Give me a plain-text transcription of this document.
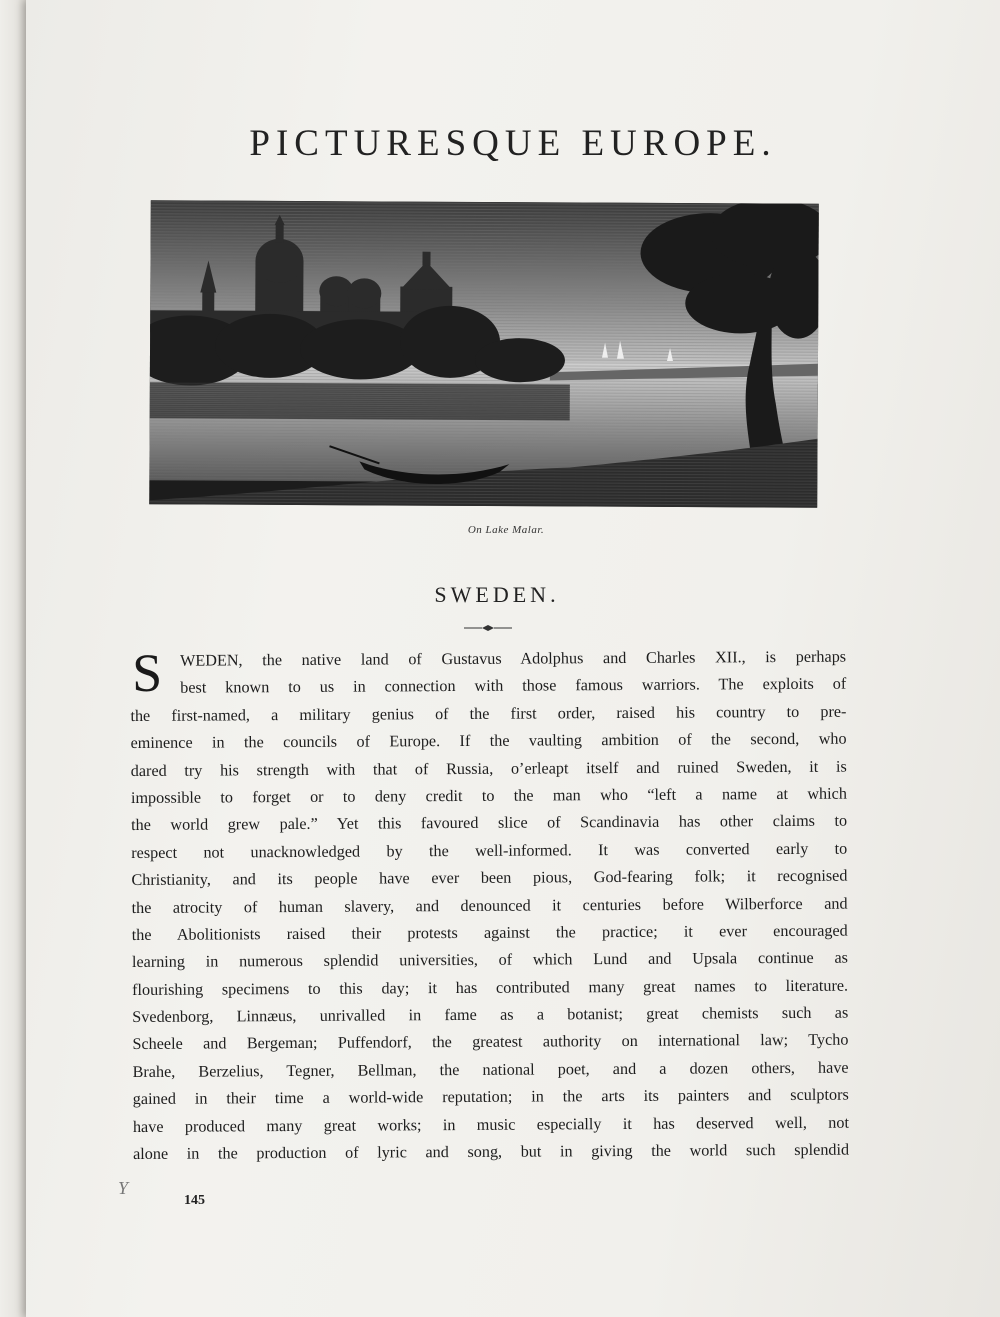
PICTURESQUE EUROPE.
On Lake Malar.
SWEDEN.
S	WEDEN, the native land of Gustavus Adolphus and Charles XII., is perhaps
best known to us in connection with those famous warriors. The exploits of
the first-named, a military genius of the first order, raised his country to pre-
eminence in the councils of Europe. If the vaulting ambition of the second, who
dared try his strength with that of Russia, o’erleapt itself and ruined Sweden, it is
impossible to forget or to deny credit to the man who “left a name at which
the world grew pale.” Yet this favoured slice of Scandinavia has other claims to
respect not unacknowledged by the well-informed. It was converted early to
Christianity, and its people have ever been pious, God-fearing folk; it recognised
the atrocity of human slavery, and denounced it centuries before Wilberforce and
the Abolitionists raised their protests against the practice; it ever encouraged
learning in numerous splendid universities, of which Lund and Upsala continue as
flourishing specimens to this day; it has contributed many great names to literature.
Svedenborg, Linnæus, unrivalled in fame as a botanist; great chemists such as
Scheele and Bergeman; Puffendorf, the greatest authority on international law; Tycho
Brahe, Berzelius, Tegner, Bellman, the national poet, and a dozen others, have
gained in their time a world-wide reputation; in the arts its painters and sculptors
have produced many great works; in music especially it has deserved well, not
alone in the production of lyric and song, but in giving the world such splendid
Y
145
